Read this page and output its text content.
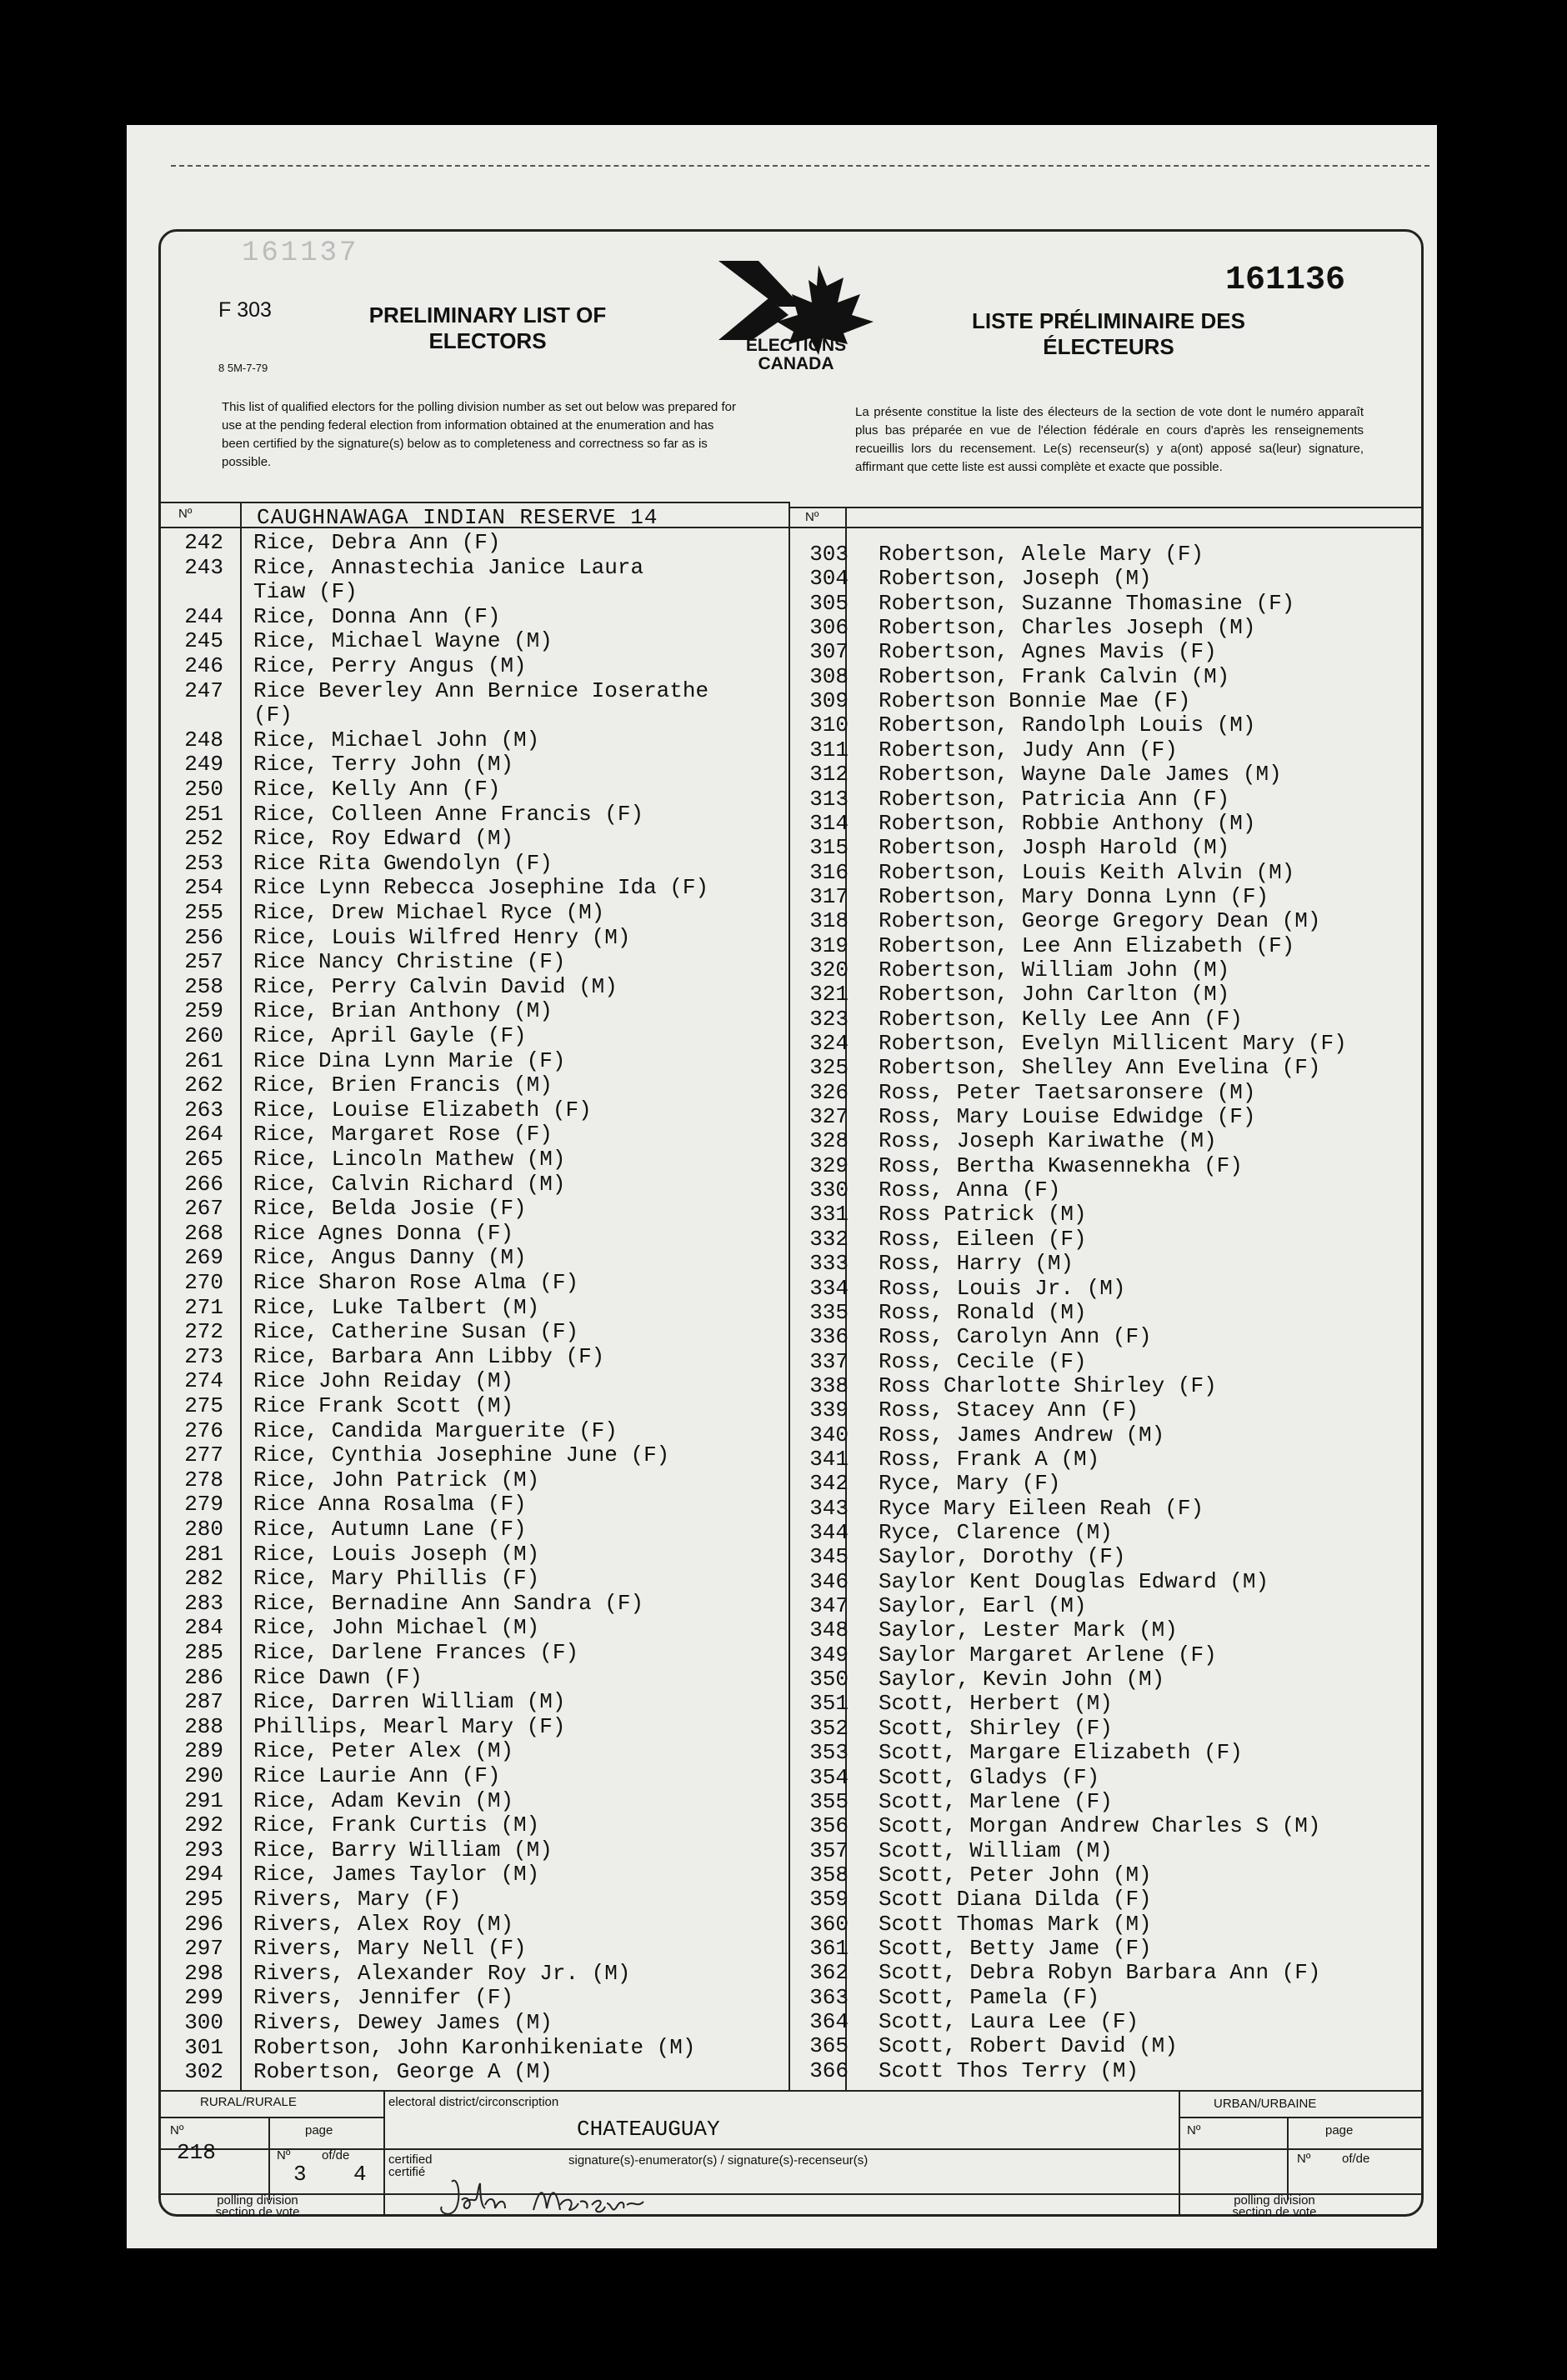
161137
F 303
8 5M-7-79
PRELIMINARY LIST OF
ELECTORS
LISTE PRÉLIMINAIRE DES
ÉLECTEURS
161136
ELECTIONS
CANADA
This list of qualified electors for the polling division number as set out below was prepared for use at the pending federal election from information obtained at the enumeration and has been certified by the signature(s) below as to completeness and correctness so far as is possible.
La présente constitue la liste des électeurs de la section de vote dont le numéro apparaît plus bas préparée en vue de l'élection fédérale en cours d'après les renseignements recueillis lors du recensement. Le(s) recenseur(s) y a(ont) apposé sa(leur) signature, affirmant que cette liste est aussi complète et exacte que possible.
Nº	Nº
CAUGHNAWAGA INDIAN RESERVE 14
242 Rice, Debra Ann (F)
243 Rice, Annastechia Janice Laura
Tiaw (F)
244 Rice, Donna Ann (F)
245 Rice, Michael Wayne (M)
246 Rice, Perry Angus (M)
247 Rice Beverley Ann Bernice Ioserathe
(F)
248 Rice, Michael John (M)
249 Rice, Terry John (M)
250 Rice, Kelly Ann (F)
251 Rice, Colleen Anne Francis (F)
252 Rice, Roy Edward (M)
253 Rice Rita Gwendolyn (F)
254 Rice Lynn Rebecca Josephine Ida (F)
255 Rice, Drew Michael Ryce (M)
256 Rice, Louis Wilfred Henry (M)
257 Rice Nancy Christine (F)
258 Rice, Perry Calvin David (M)
259 Rice, Brian Anthony (M)
260 Rice, April Gayle (F)
261 Rice Dina Lynn Marie (F)
262 Rice, Brien Francis (M)
263 Rice, Louise Elizabeth (F)
264 Rice, Margaret Rose (F)
265 Rice, Lincoln Mathew (M)
266 Rice, Calvin Richard (M)
267 Rice, Belda Josie (F)
268 Rice Agnes Donna (F)
269 Rice, Angus Danny (M)
270 Rice Sharon Rose Alma (F)
271 Rice, Luke Talbert (M)
272 Rice, Catherine Susan (F)
273 Rice, Barbara Ann Libby (F)
274 Rice John Reiday (M)
275 Rice Frank Scott (M)
276 Rice, Candida Marguerite (F)
277 Rice, Cynthia Josephine June (F)
278 Rice, John Patrick (M)
279 Rice Anna Rosalma (F)
280 Rice, Autumn Lane (F)
281 Rice, Louis Joseph (M)
282 Rice, Mary Phillis (F)
283 Rice, Bernadine Ann Sandra (F)
284 Rice, John Michael (M)
285 Rice, Darlene Frances (F)
286 Rice Dawn (F)
287 Rice, Darren William (M)
288 Phillips, Mearl Mary (F)
289 Rice, Peter Alex (M)
290 Rice Laurie Ann (F)
291 Rice, Adam Kevin (M)
292 Rice, Frank Curtis (M)
293 Rice, Barry William (M)
294 Rice, James Taylor (M)
295 Rivers, Mary (F)
296 Rivers, Alex Roy (M)
297 Rivers, Mary Nell (F)
298 Rivers, Alexander Roy Jr. (M)
299 Rivers, Jennifer (F)
300 Rivers, Dewey James (M)
301 Robertson, John Karonhikeniate (M)
302 Robertson, George A (M)
303 Robertson, Alele Mary (F)
304 Robertson, Joseph (M)
305 Robertson, Suzanne Thomasine (F)
306 Robertson, Charles Joseph (M)
307 Robertson, Agnes Mavis (F)
308 Robertson, Frank Calvin (M)
309 Robertson Bonnie Mae (F)
310 Robertson, Randolph Louis (M)
311 Robertson, Judy Ann (F)
312 Robertson, Wayne Dale James (M)
313 Robertson, Patricia Ann (F)
314 Robertson, Robbie Anthony (M)
315 Robertson, Josph Harold (M)
316 Robertson, Louis Keith Alvin (M)
317 Robertson, Mary Donna Lynn (F)
318 Robertson, George Gregory Dean (M)
319 Robertson, Lee Ann Elizabeth (F)
320 Robertson, William John (M)
321 Robertson, John Carlton (M)
323 Robertson, Kelly Lee Ann (F)
324 Robertson, Evelyn Millicent Mary (F)
325 Robertson, Shelley Ann Evelina (F)
326 Ross, Peter Taetsaronsere (M)
327 Ross, Mary Louise Edwidge (F)
328 Ross, Joseph Kariwathe (M)
329 Ross, Bertha Kwasennekha (F)
330 Ross, Anna (F)
331 Ross Patrick (M)
332 Ross, Eileen (F)
333 Ross, Harry (M)
334 Ross, Louis Jr. (M)
335 Ross, Ronald (M)
336 Ross, Carolyn Ann (F)
337 Ross, Cecile (F)
338 Ross Charlotte Shirley (F)
339 Ross, Stacey Ann (F)
340 Ross, James Andrew (M)
341 Ross, Frank A (M)
342 Ryce, Mary (F)
343 Ryce Mary Eileen Reah (F)
344 Ryce, Clarence (M)
345 Saylor, Dorothy (F)
346 Saylor Kent Douglas Edward (M)
347 Saylor, Earl (M)
348 Saylor, Lester Mark (M)
349 Saylor Margaret Arlene (F)
350 Saylor, Kevin John (M)
351 Scott, Herbert (M)
352 Scott, Shirley (F)
353 Scott, Margare Elizabeth (F)
354 Scott, Gladys (F)
355 Scott, Marlene (F)
356 Scott, Morgan Andrew Charles S (M)
357 Scott, William (M)
358 Scott, Peter John (M)
359 Scott Diana Dilda (F)
360 Scott Thomas Mark (M)
361 Scott, Betty Jame (F)
362 Scott, Debra Robyn Barbara Ann (F)
363 Scott, Pamela (F)
364 Scott, Laura Lee (F)
365 Scott, Robert David (M)
366 Scott Thos Terry (M)
RURAL/RURALE	URBAN/URBAINE
Nº	page
Nº	of/de
Nº	page
Nº	of/de
electoral district/circonscription
CHATEAUGUAY
218
3 4
certified certifié
signature(s)-enumerator(s) / signature(s)-recenseur(s)
polling division section de vote
polling division section de vote
